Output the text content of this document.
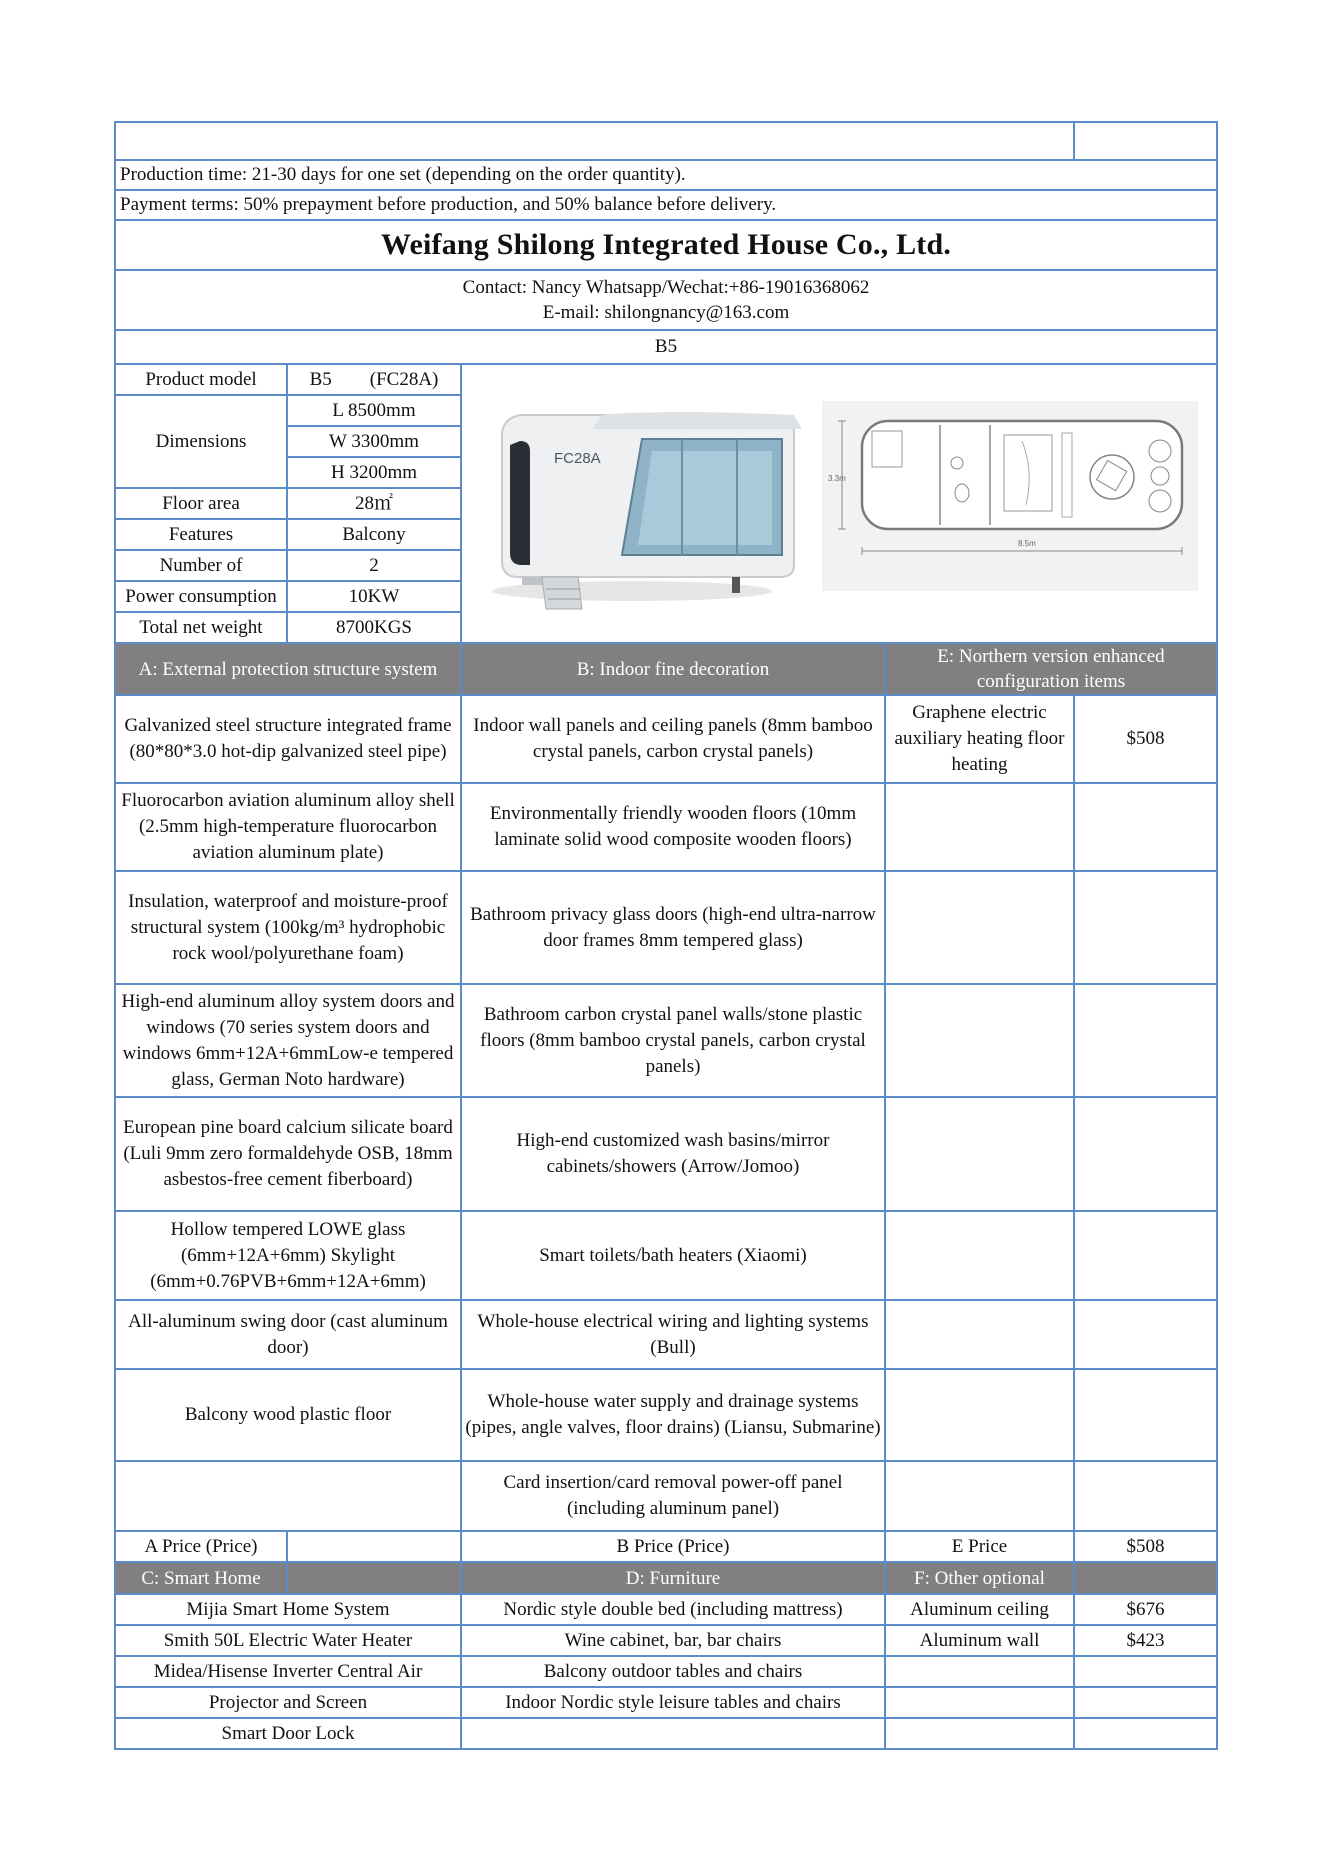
Production time: 21-30 days for one set (depending on the order quantity).				
Payment terms: 50% prepayment before production, and 50% balance before delivery.				
Weifang Shilong Integrated House Co., Ltd.				

Contact: Nancy Whatsapp/Wechat:+86-19016368062
E-mail: shilongnancy@163.com				

B5				
Product model	B5        (FC28A)	FC28A
3.3m
8.5m		

Dimensions	L 8500mm			
	W 3300mm			
	H 3200mm			
Floor area	28㎡			
Features	Balcony			
Number of	2			
Power consumption	10KW			
Total net weight	8700KGS			
A: External protection structure system		B: Indoor fine decoration	E: Northern version enhanced
configuration items	

Galvanized steel structure integrated frame (80*80*3.0 hot-dip galvanized steel pipe)		Indoor wall panels and ceiling panels (8mm bamboo crystal panels, carbon crystal panels)	Graphene electric auxiliary heating floor heating	$508
Fluorocarbon aviation aluminum alloy shell (2.5mm high-temperature fluorocarbon aviation aluminum plate)		Environmentally friendly wooden floors (10mm laminate solid wood composite wooden floors)		
Insulation, waterproof and moisture-proof structural system (100kg/m³ hydrophobic rock wool/polyurethane foam)		Bathroom privacy glass doors (high-end ultra-narrow door frames 8mm tempered glass)		
High-end aluminum alloy system doors and windows (70 series system doors and windows 6mm+12A+6mmLow-e tempered glass, German Noto hardware)		Bathroom carbon crystal panel walls/stone plastic floors (8mm bamboo crystal panels, carbon crystal panels)		
European pine board calcium silicate board (Luli 9mm zero formaldehyde OSB, 18mm asbestos-free cement fiberboard)		High-end customized wash basins/mirror cabinets/showers (Arrow/Jomoo)		
Hollow tempered LOWE glass (6mm+12A+6mm) Skylight (6mm+0.76PVB+6mm+12A+6mm)		Smart toilets/bath heaters (Xiaomi)		
All-aluminum swing door (cast aluminum door)		Whole-house electrical wiring and lighting systems (Bull)		
Balcony wood plastic floor		Whole-house water supply and drainage systems (pipes, angle valves, floor drains) (Liansu, Submarine)		
		Card insertion/card removal power-off panel (including aluminum panel)		
A Price (Price)		B Price (Price)	E Price	$508
C: Smart Home		D: Furniture	F: Other optional	
Mijia Smart Home System		Nordic style double bed (including mattress)	Aluminum ceiling	$676
Smith 50L Electric Water Heater		Wine cabinet, bar, bar chairs	Aluminum wall	$423
Midea/Hisense Inverter Central Air		Balcony outdoor tables and chairs		
Projector and Screen		Indoor Nordic style leisure tables and chairs		
Smart Door Lock				
